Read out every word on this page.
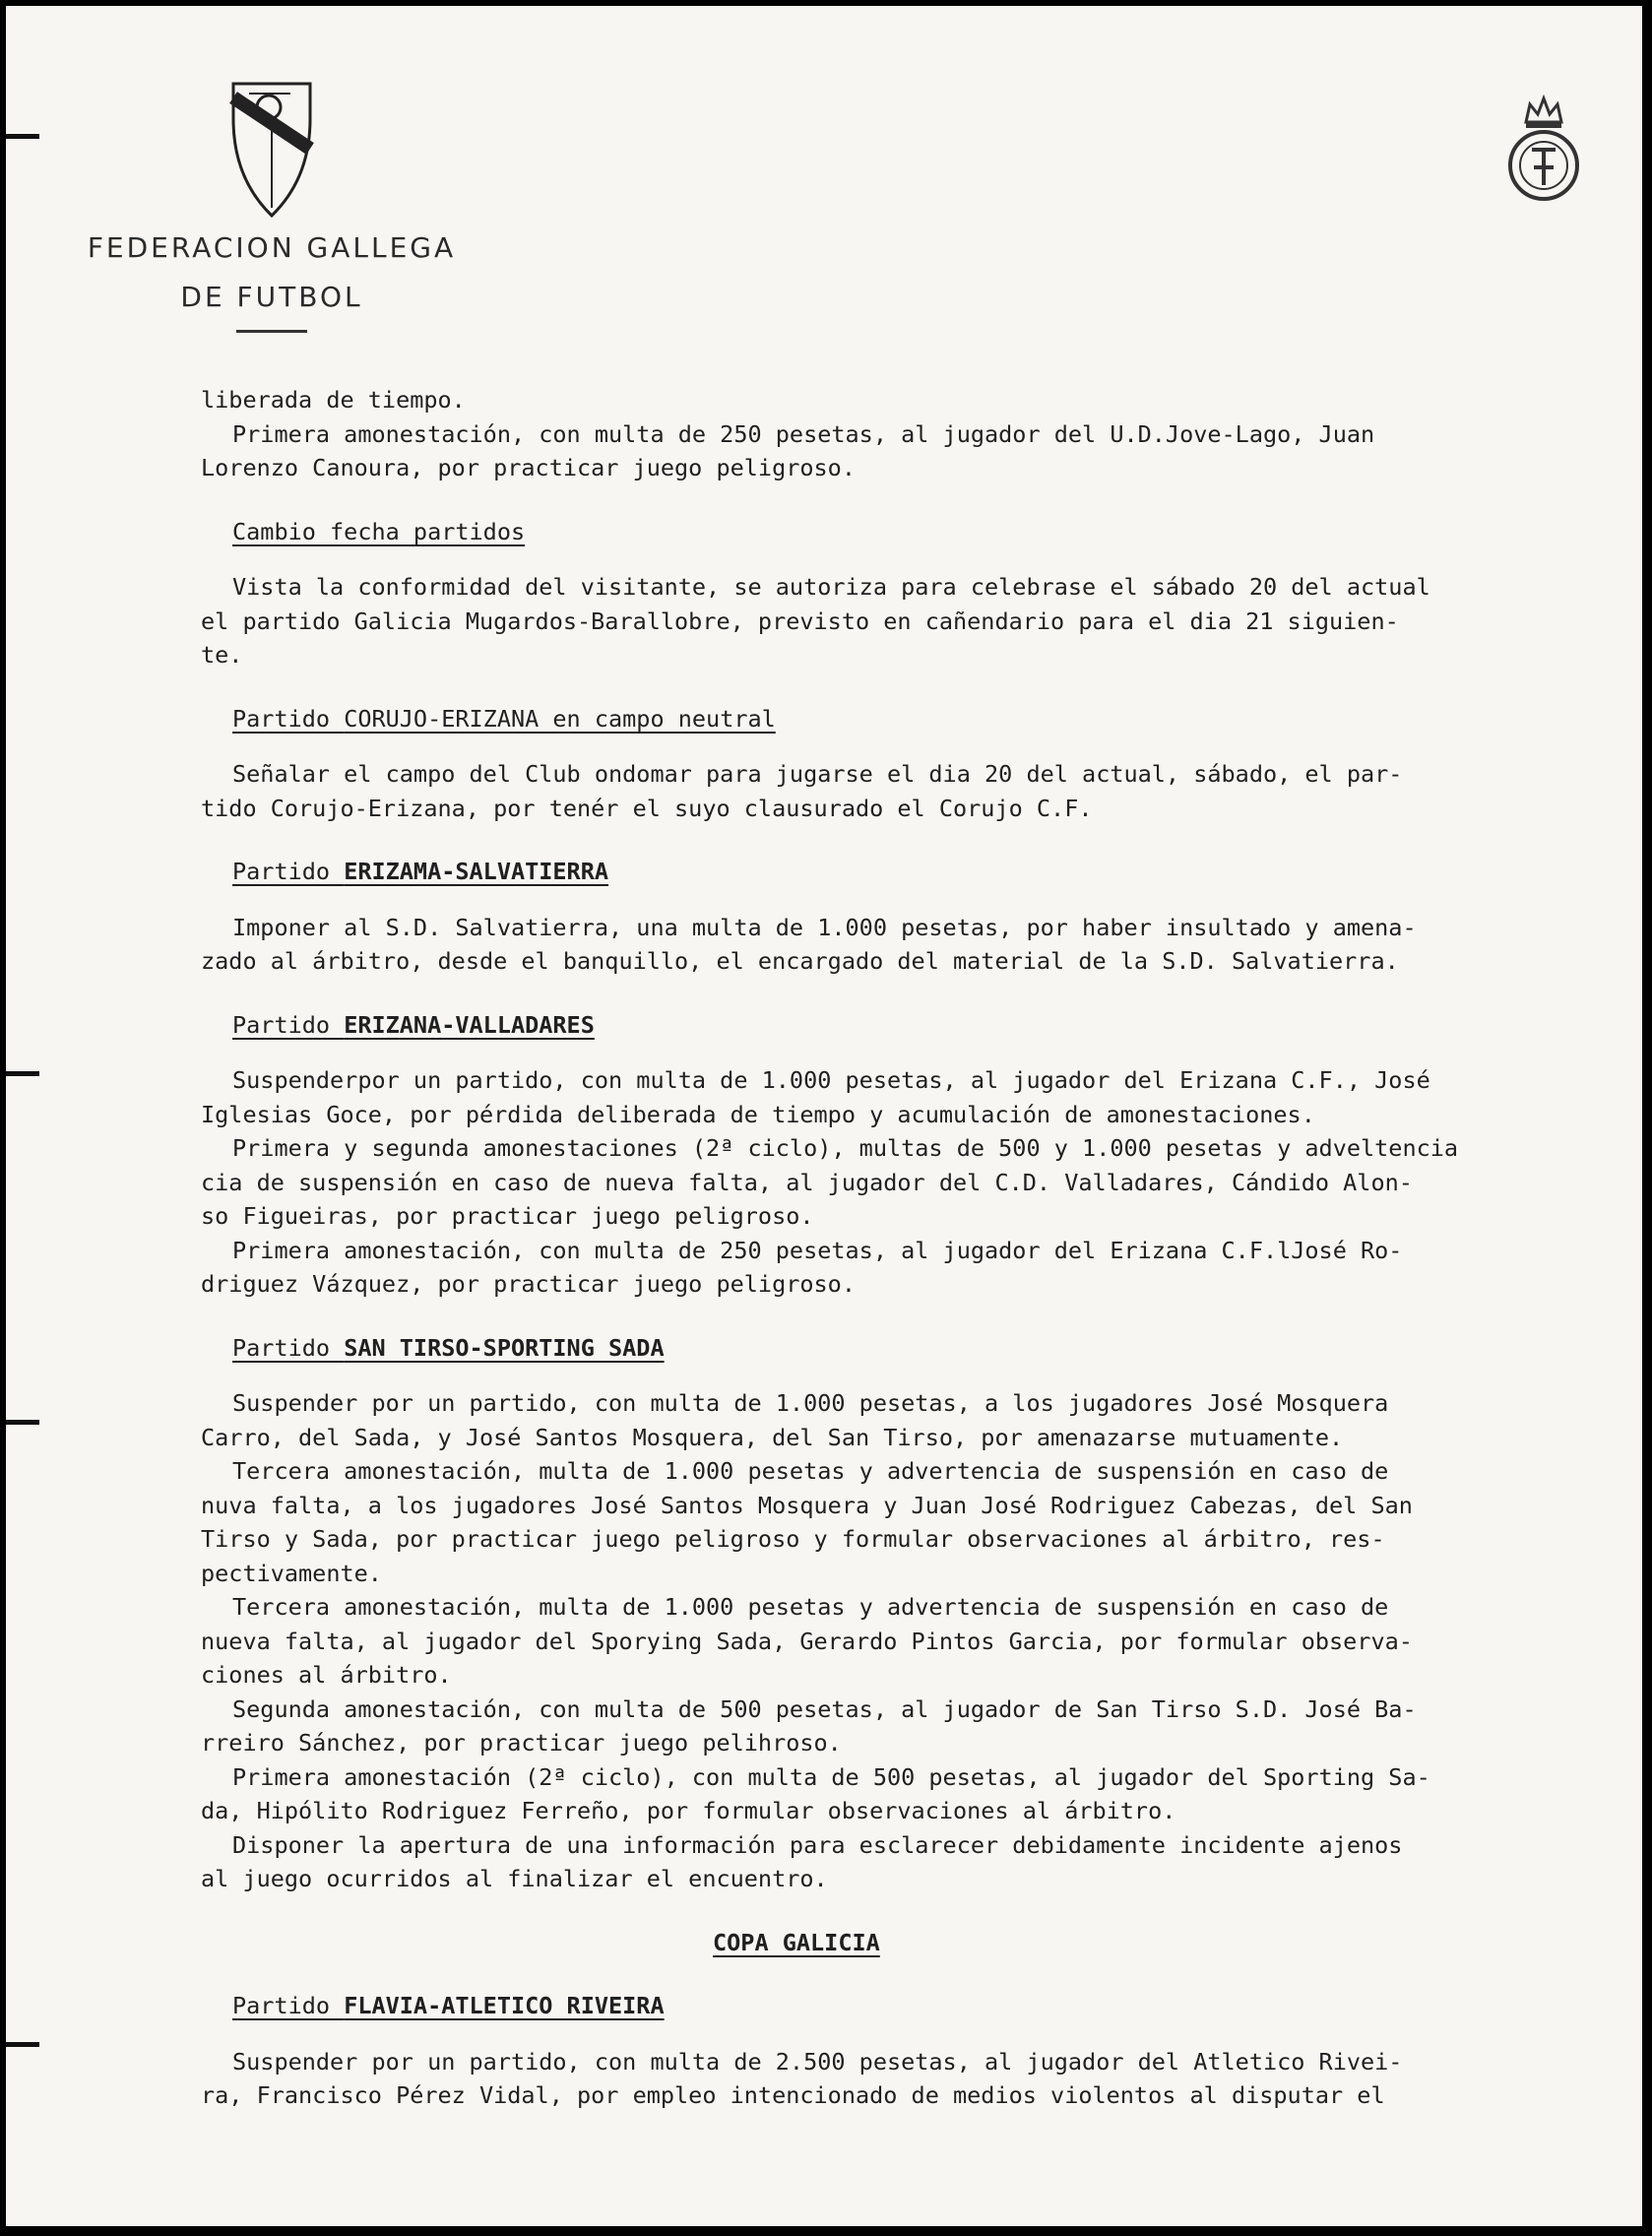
FEDERACION GALLEGA
DE FUTBOL

liberada de tiempo.

Primera amonestación, con multa de 250 pesetas, al jugador del U.D.Jove-Lago, Juan

Lorenzo Canoura, por practicar juego peligroso.

Cambio fecha partidos

Vista la conformidad del visitante, se autoriza para celebrase el sábado 20 del actual

el partido Galicia Mugardos-Barallobre, previsto en cañendario para el dia 21 siguien-

te.

Partido CORUJO-ERIZANA en campo neutral

Señalar el campo del Club ondomar para jugarse el dia 20 del actual, sábado, el par-

tido Corujo-Erizana, por tenér el suyo clausurado el Corujo C.F.

Partido ERIZAMA-SALVATIERRA

Imponer al S.D. Salvatierra, una multa de 1.000 pesetas, por haber insultado y amena-

zado al árbitro, desde el banquillo, el encargado del material de la S.D. Salvatierra.

Partido ERIZANA-VALLADARES

Suspenderpor un partido, con multa de 1.000 pesetas, al jugador del Erizana C.F., José

Iglesias Goce, por pérdida deliberada de tiempo y acumulación de amonestaciones.

Primera y segunda amonestaciones (2ª ciclo), multas de 500 y 1.000 pesetas y adveltencia

cia de suspensión en caso de nueva falta, al jugador del C.D. Valladares, Cándido Alon-

so Figueiras, por practicar juego peligroso.

Primera amonestación, con multa de 250 pesetas, al jugador del Erizana C.F.lJosé Ro-

driguez Vázquez, por practicar juego peligroso.

Partido SAN TIRSO-SPORTING SADA

Suspender por un partido, con multa de 1.000 pesetas, a los jugadores José Mosquera

Carro, del Sada, y José Santos Mosquera, del San Tirso, por amenazarse mutuamente.

Tercera amonestación, multa de 1.000 pesetas y advertencia de suspensión en caso de

nuva falta, a los jugadores José Santos Mosquera y Juan José Rodriguez Cabezas, del San

Tirso y Sada, por practicar juego peligroso y formular observaciones al árbitro, res-

pectivamente.

Tercera amonestación, multa de 1.000 pesetas y advertencia de suspensión en caso de

nueva falta, al jugador del Sporying Sada, Gerardo Pintos Garcia, por formular observa-

ciones al árbitro.

Segunda amonestación, con multa de 500 pesetas, al jugador de San Tirso S.D. José Ba-

rreiro Sánchez, por practicar juego pelihroso.

Primera amonestación (2ª ciclo), con multa de 500 pesetas, al jugador del Sporting Sa-

da, Hipólito Rodriguez Ferreño, por formular observaciones al árbitro.

Disponer la apertura de una información para esclarecer debidamente incidente ajenos

al juego ocurridos al finalizar el encuentro.

COPA GALICIA

Partido FLAVIA-ATLETICO RIVEIRA

Suspender por un partido, con multa de 2.500 pesetas, al jugador del Atletico Rivei-

ra, Francisco Pérez Vidal, por empleo intencionado de medios violentos al disputar el
